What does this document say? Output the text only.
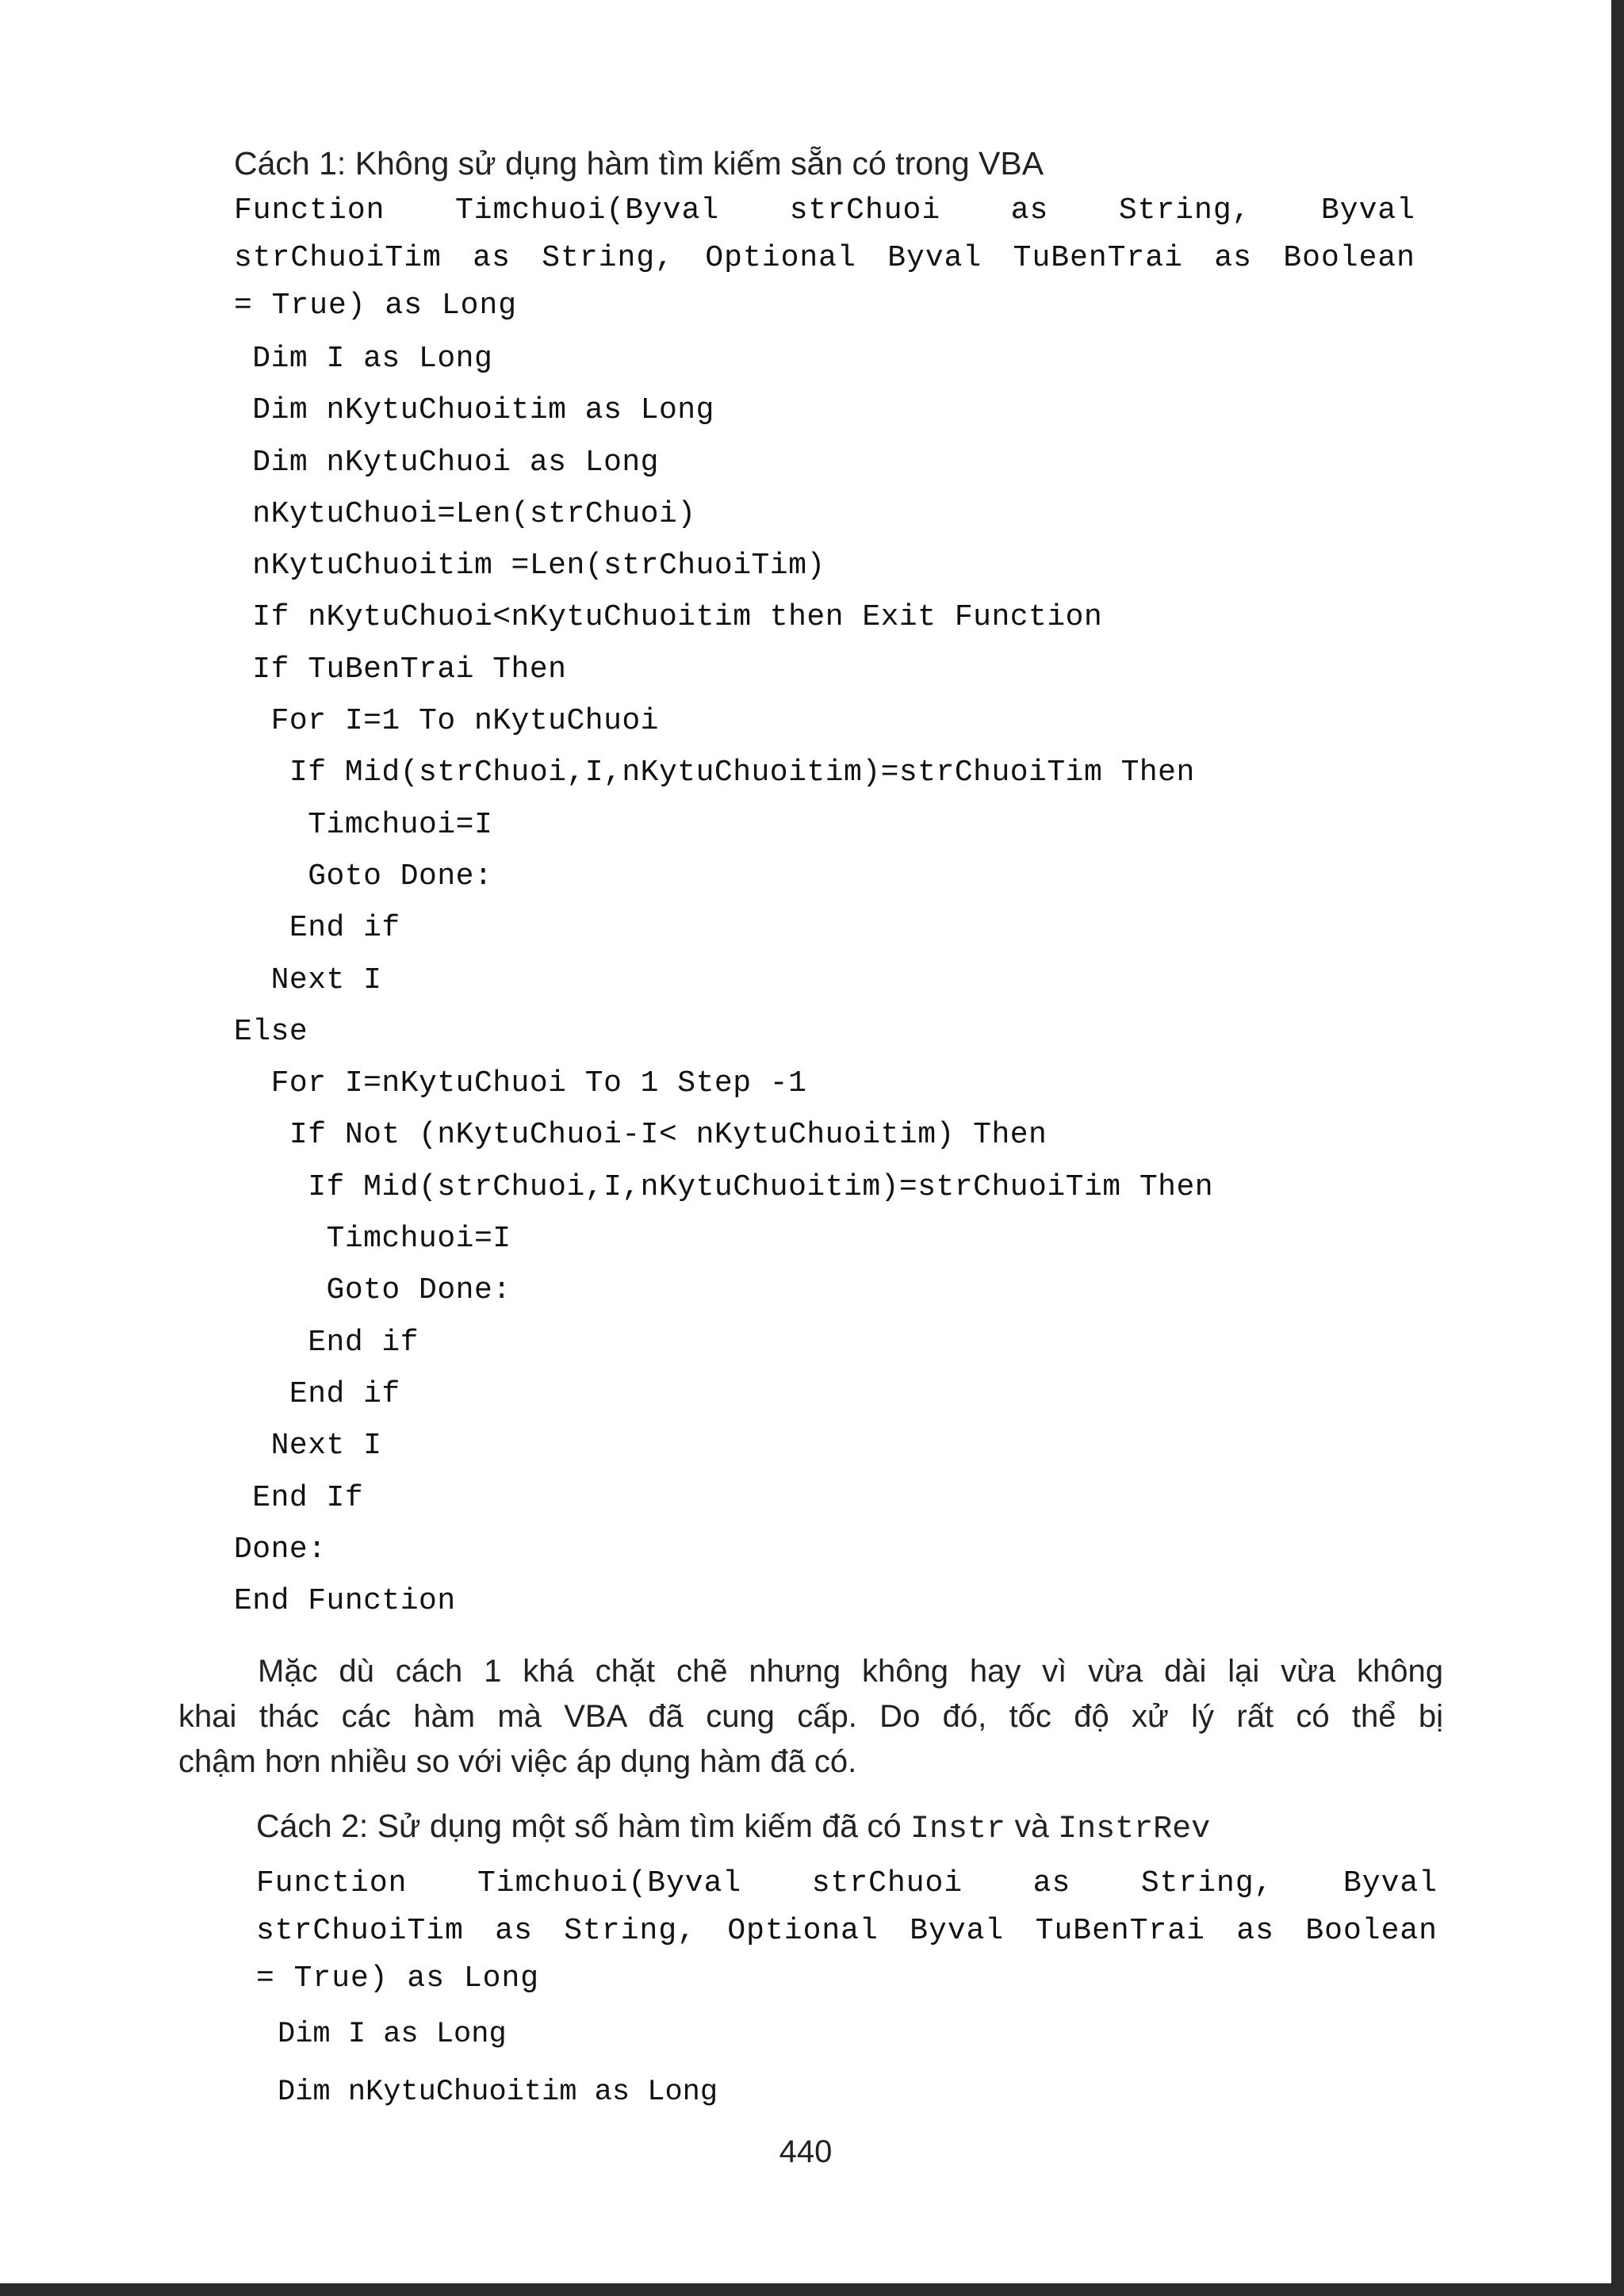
Cách 1: Không sử dụng hàm tìm kiếm sẵn có trong VBA
Function Timchuoi(Byval strChuoi as String, Byval
strChuoiTim as String, Optional Byval TuBenTrai as Boolean
= True) as Long
Dim I as Long
Dim nKytuChuoitim as Long
Dim nKytuChuoi as Long
nKytuChuoi=Len(strChuoi)
nKytuChuoitim =Len(strChuoiTim)
If nKytuChuoi<nKytuChuoitim then Exit Function
If TuBenTrai Then
For I=1 To nKytuChuoi
If Mid(strChuoi,I,nKytuChuoitim)=strChuoiTim Then
Timchuoi=I
Goto Done:
End if
Next I
Else
For I=nKytuChuoi To 1 Step -1
If Not (nKytuChuoi-I< nKytuChuoitim) Then
If Mid(strChuoi,I,nKytuChuoitim)=strChuoiTim Then
Timchuoi=I
Goto Done:
End if
End if
Next I
End If
Done:
End Function

Mặc dù cách 1 khá chặt chẽ nhưng không hay vì vừa dài lại vừa không

khai thác các hàm mà VBA đã cung cấp. Do đó, tốc độ xử lý rất có thể bị

chậm hơn nhiều so với việc áp dụng hàm đã có.

Cách 2: Sử dụng một số hàm tìm kiếm đã có Instr và InstrRev
Function Timchuoi(Byval strChuoi as String, Byval
strChuoiTim as String, Optional Byval TuBenTrai as Boolean
= True) as Long
Dim I as Long
Dim nKytuChuoitim as Long
440
